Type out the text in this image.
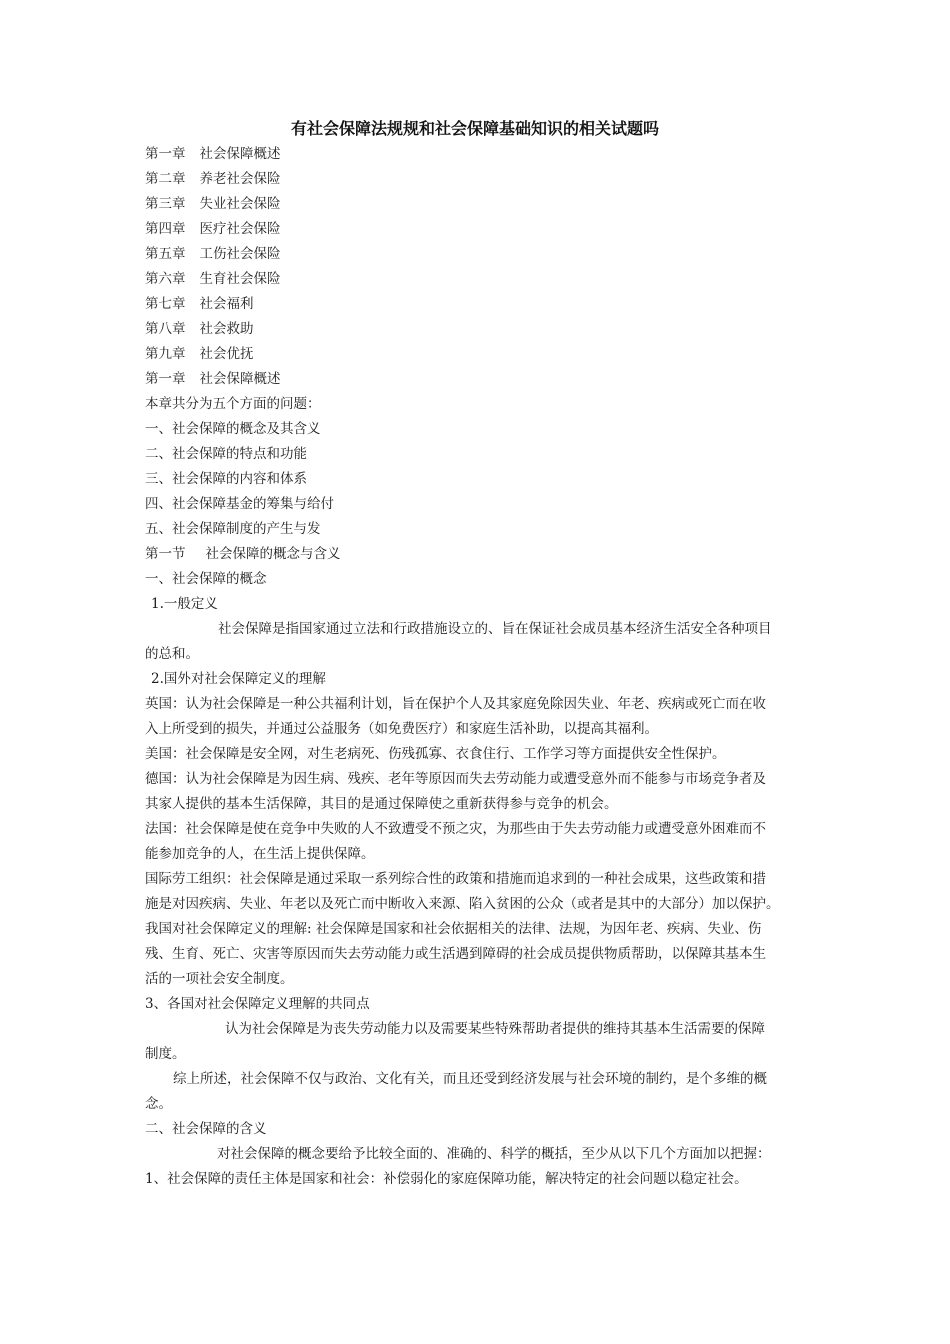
有社会保障法规规和社会保障基础知识的相关试题吗
第一章 社会保障概述
第二章 养老社会保险
第三章 失业社会保险
第四章 医疗社会保险
第五章 工伤社会保险
第六章 生育社会保险
第七章 社会福利
第八章 社会救助
第九章 社会优抚
第一章 社会保障概述
本章共分为五个方面的问题：
一、社会保障的概念及其含义
二、社会保障的特点和功能
三、社会保障的内容和体系
四、社会保障基金的筹集与给付
五、社会保障制度的产生与发
第一节 社会保障的概念与含义
一、社会保障的概念
1.一般定义
社会保障是指国家通过立法和行政措施设立的、旨在保证社会成员基本经济生活安全各种项目
的总和。
2.国外对社会保障定义的理解
英国：认为社会保障是一种公共福利计划，旨在保护个人及其家庭免除因失业、年老、疾病或死亡而在收
入上所受到的损失，并通过公益服务（如免费医疗）和家庭生活补助，以提高其福利。
美国：社会保障是安全网，对生老病死、伤残孤寡、衣食住行、工作学习等方面提供安全性保护。
德国：认为社会保障是为因生病、残疾、老年等原因而失去劳动能力或遭受意外而不能参与市场竞争者及
其家人提供的基本生活保障，其目的是通过保障使之重新获得参与竞争的机会。
法国：社会保障是使在竞争中失败的人不致遭受不预之灾，为那些由于失去劳动能力或遭受意外困难而不
能参加竞争的人，在生活上提供保障。
国际劳工组织：社会保障是通过采取一系列综合性的政策和措施而追求到的一种社会成果，这些政策和措
施是对因疾病、失业、年老以及死亡而中断收入来源、陷入贫困的公众（或者是其中的大部分）加以保护。
我国对社会保障定义的理解: 社会保障是国家和社会依据相关的法律、法规，为因年老、疾病、失业、伤
残、生育、死亡、灾害等原因而失去劳动能力或生活遇到障碍的社会成员提供物质帮助，以保障其基本生
活的一项社会安全制度。
3、各国对社会保障定义理解的共同点
认为社会保障是为丧失劳动能力以及需要某些特殊帮助者提供的维持其基本生活需要的保障
制度。
综上所述，社会保障不仅与政治、文化有关，而且还受到经济发展与社会环境的制约，是个多维的概
念。
二、社会保障的含义
对社会保障的概念要给予比较全面的、准确的、科学的概括，至少从以下几个方面加以把握：
1、社会保障的责任主体是国家和社会：补偿弱化的家庭保障功能，解决特定的社会问题以稳定社会。
